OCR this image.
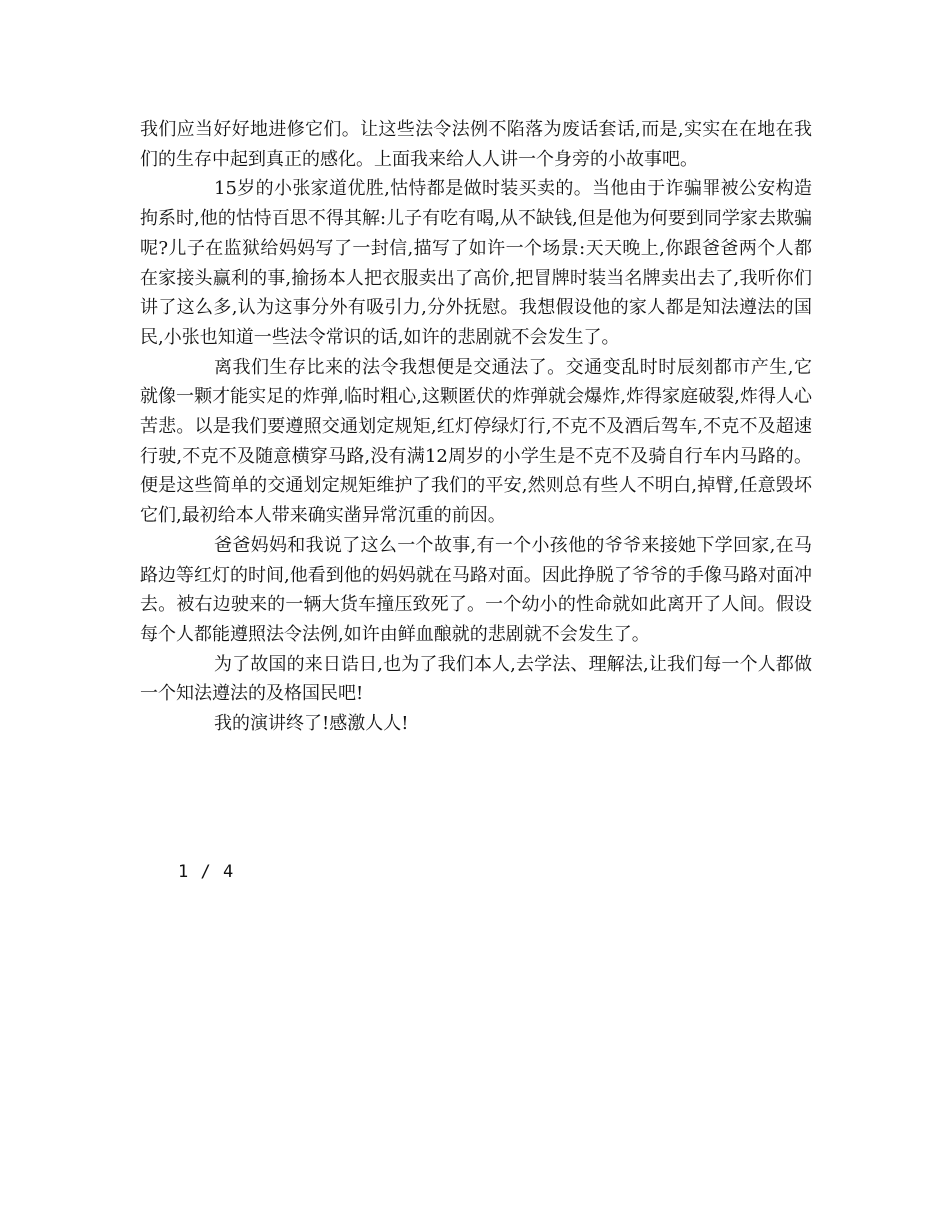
我们应当好好地进修它们。让这些法令法例不陷落为废话套话,而是,实实在在地在我们的生存中起到真正的感化。上面我来给人人讲一个身旁的小故事吧。

15岁的小张家道优胜,怙恃都是做时装买卖的。当他由于诈骗罪被公安构造拘系时,他的怙恃百思不得其解:儿子有吃有喝,从不缺钱,但是他为何要到同学家去欺骗呢?儿子在监狱给妈妈写了一封信,描写了如许一个场景:天天晚上,你跟爸爸两个人都在家接头赢利的事,揄扬本人把衣服卖出了高价,把冒牌时装当名牌卖出去了,我听你们讲了这么多,认为这事分外有吸引力,分外抚慰。我想假设他的家人都是知法遵法的国民,小张也知道一些法令常识的话,如许的悲剧就不会发生了。

离我们生存比来的法令我想便是交通法了。交通变乱时时辰刻都市产生,它就像一颗才能实足的炸弹,临时粗心,这颗匿伏的炸弹就会爆炸,炸得家庭破裂,炸得人心苦悲。以是我们要遵照交通划定规矩,红灯停绿灯行,不克不及酒后驾车,不克不及超速行驶,不克不及随意横穿马路,没有满12周岁的小学生是不克不及骑自行车内马路的。便是这些简单的交通划定规矩维护了我们的平安,然则总有些人不明白,掉臂,任意毁坏它们,最初给本人带来确实凿异常沉重的前因。

爸爸妈妈和我说了这么一个故事,有一个小孩他的爷爷来接她下学回家,在马路边等红灯的时间,他看到他的妈妈就在马路对面。因此挣脱了爷爷的手像马路对面冲去。被右边驶来的一辆大货车撞压致死了。一个幼小的性命就如此离开了人间。假设每个人都能遵照法令法例,如许由鲜血酿就的悲剧就不会发生了。

为了故国的来日诰日,也为了我们本人,去学法、理解法,让我们每一个人都做一个知法遵法的及格国民吧!

我的演讲终了!感激人人!

1 / 4
